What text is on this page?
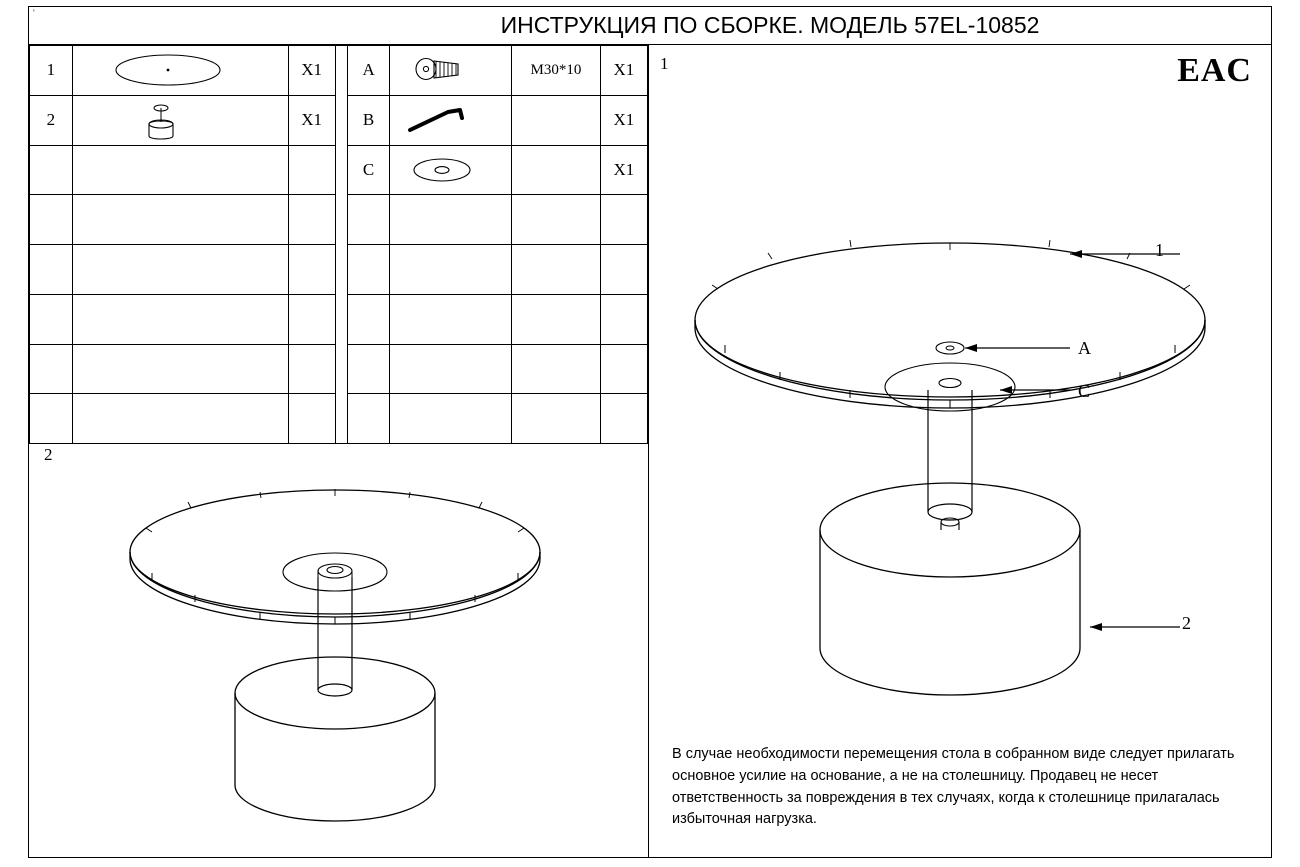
'	ИНСТРУКЦИЯ ПО СБОРКЕ. МОДЕЛЬ 57EL-10852
EAC
1		X1		A		M30*10	X1
2		X1		B			X1
				C			X1

1
1
A
C
2
2
В случае необходимости перемещения стола в собранном виде следует прилагать основное усилие на основание, а не на столешницу. Продавец не несет ответственность за повреждения в тех случаях, когда к столешнице прилагалась избыточная нагрузка.
